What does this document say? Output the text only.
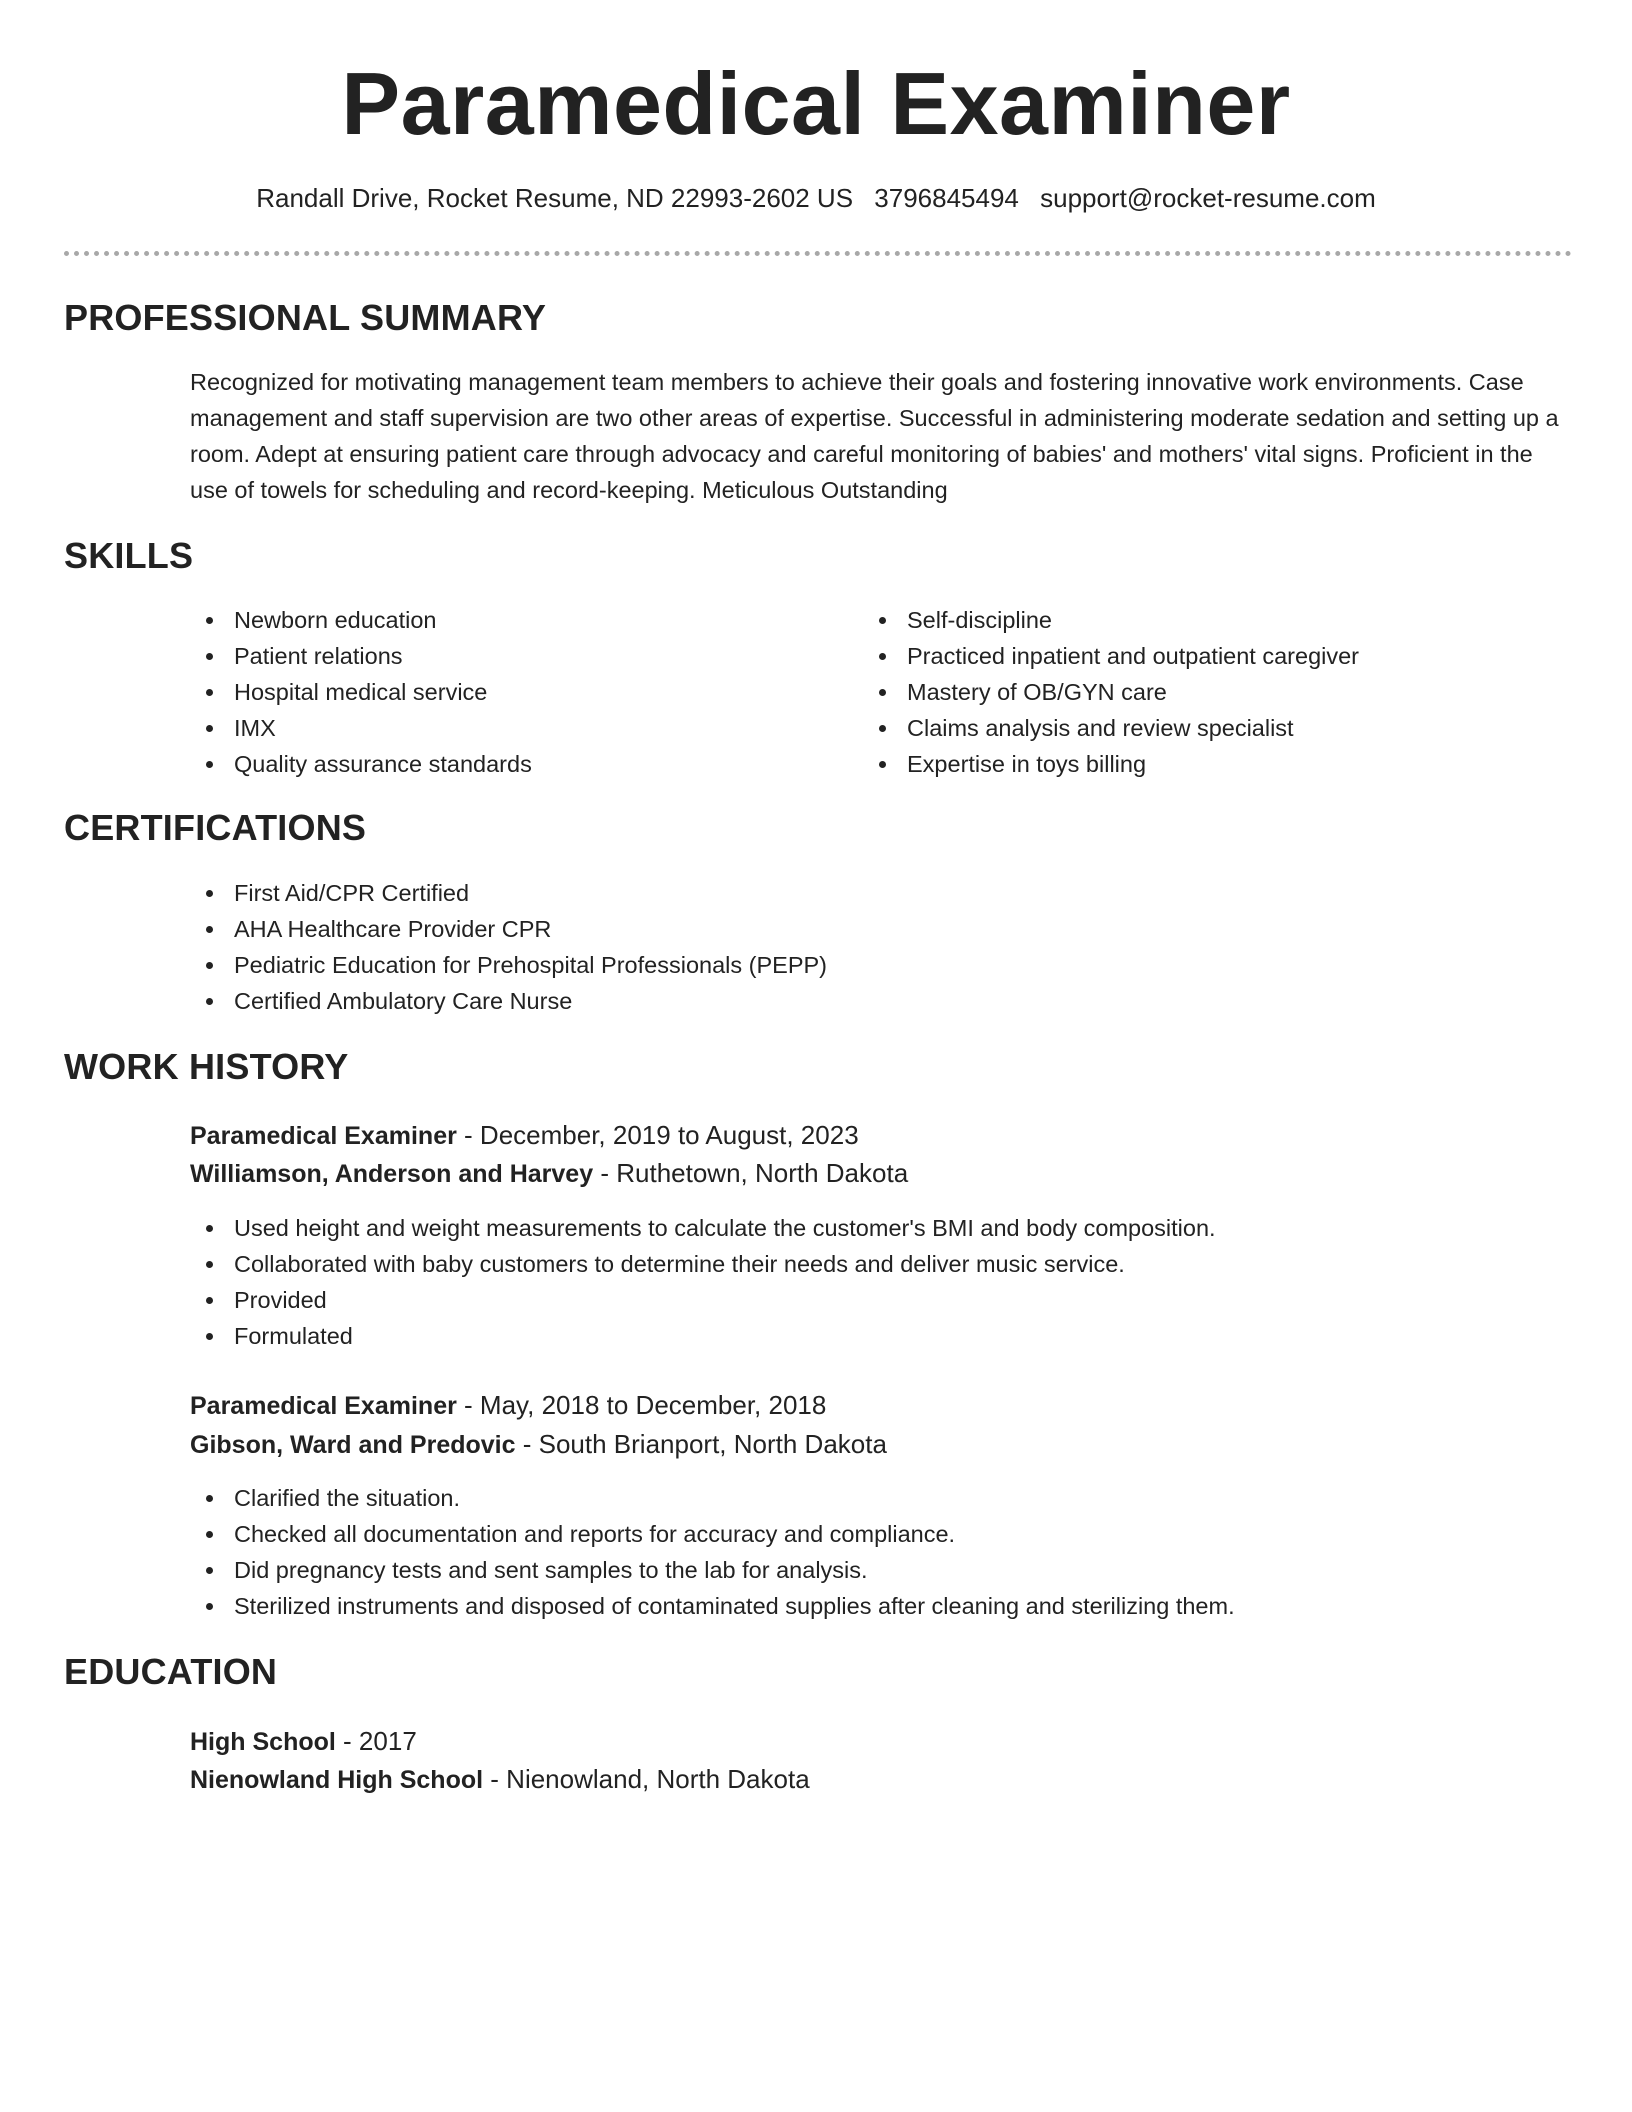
Paramedical Examiner
Randall Drive, Rocket Resume, ND 22993-2602 US 3796845494 support@rocket-resume.com
PROFESSIONAL SUMMARY

Recognized for motivating management team members to achieve their goals and fostering innovative work environments. Case management and staff supervision are two other areas of expertise. Successful in administering moderate sedation and setting up a room. Adept at ensuring patient care through advocacy and careful monitoring of babies' and mothers' vital signs. Proficient in the use of towels for scheduling and record-keeping. Meticulous Outstanding

SKILLS
Newborn education
Patient relations
Hospital medical service
IMX
Quality assurance standards
Self-discipline
Practiced inpatient and outpatient caregiver
Mastery of OB/GYN care
Claims analysis and review specialist
Expertise in toys billing
CERTIFICATIONS
First Aid/CPR Certified
AHA Healthcare Provider CPR
Pediatric Education for Prehospital Professionals (PEPP)
Certified Ambulatory Care Nurse
WORK HISTORY
Paramedical Examiner - December, 2019 to August, 2023
Williamson, Anderson and Harvey - Ruthetown, North Dakota
Used height and weight measurements to calculate the customer's BMI and body composition.
Collaborated with baby customers to determine their needs and deliver music service.
Provided
Formulated
Paramedical Examiner - May, 2018 to December, 2018
Gibson, Ward and Predovic - South Brianport, North Dakota
Clarified the situation.
Checked all documentation and reports for accuracy and compliance.
Did pregnancy tests and sent samples to the lab for analysis.
Sterilized instruments and disposed of contaminated supplies after cleaning and sterilizing them.
EDUCATION
High School - 2017
Nienowland High School - Nienowland, North Dakota
